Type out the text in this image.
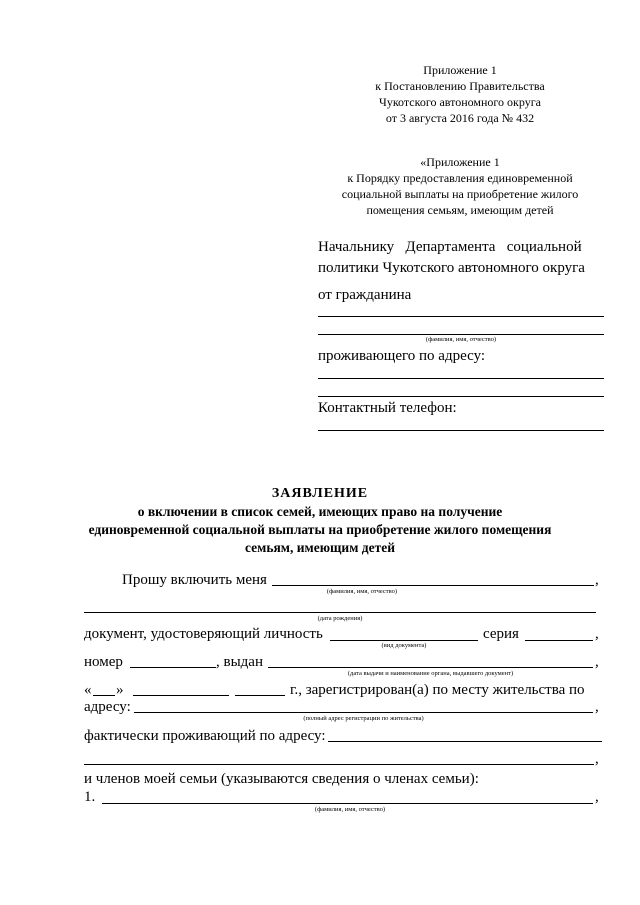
Приложение 1
к Постановлению Правительства
Чукотского автономного округа
от 3 августа 2016 года № 432
«Приложение 1
к Порядку предоставления единовременной
социальной выплаты на приобретение жилого
помещения семьям, имеющим детей
Начальнику   Департамента   социальной
политики Чукотского автономного округа
от гражданина
(фамилия, имя, отчество)
проживающего по адресу:
Контактный телефон:
ЗАЯВЛЕНИЕ
о включении в список семей, имеющих право на получение
единовременной социальной выплаты на приобретение жилого помещения
семьям, имеющим детей
Прошу включить меня	,
(фамилия, имя, отчество)
(дата рождения)
документ, удостоверяющий личность	серия	,
(вид документа)
номер	, выдан	,
(дата выдачи и наименование органа, выдавшего документ)
« »	г., зарегистрирован(а) по месту жительства по
адресу:	,
(полный адрес регистрации по жительства)
фактически проживающий по адресу:
,
и членов моей семьи (указываются сведения о членах семьи):
1.	,
(фамилия, имя, отчество)
